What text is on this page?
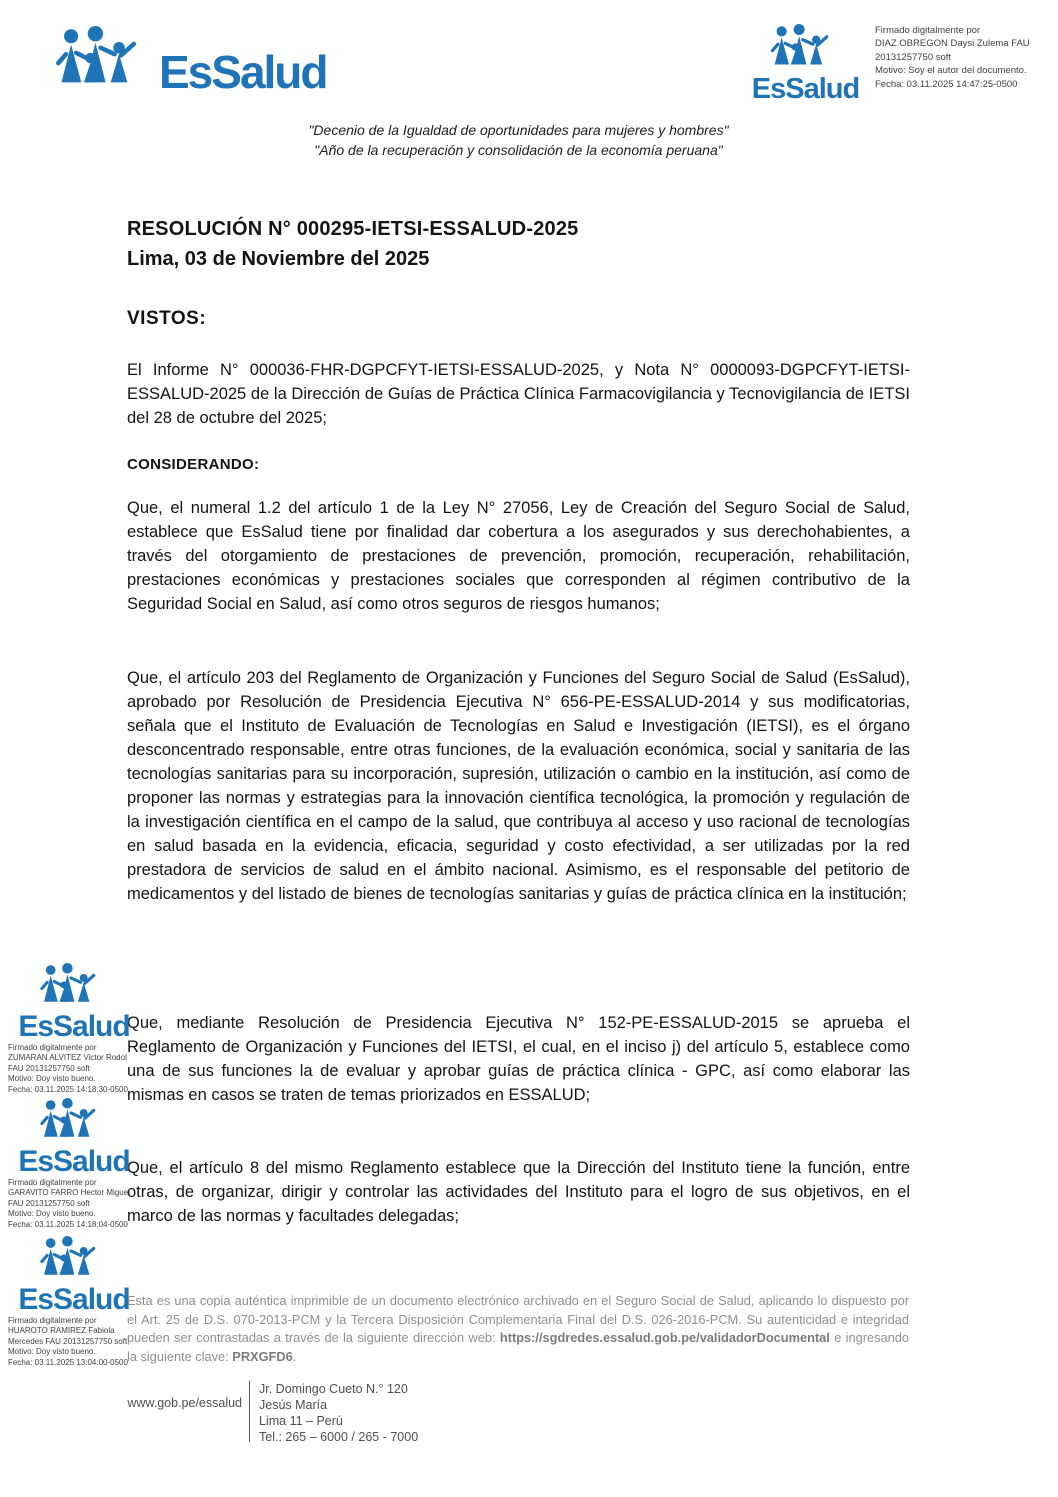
EsSalud	EsSalud
Firmado digitalmente por
DIAZ OBREGON Daysi Zulema FAU
20131257750 soft
Motivo: Soy el autor del documento.
Fecha: 03.11.2025 14:47:25-0500
"Decenio de la Igualdad de oportunidades para mujeres y hombres"
"Año de la recuperación y consolidación de la economía peruana"
RESOLUCIÓN N° 000295-IETSI-ESSALUD-2025
Lima, 03 de Noviembre del 2025
VISTOS:

El Informe N° 000036-FHR-DGPCFYT-IETSI-ESSALUD-2025, y Nota N° 0000093-DGPCFYT-IETSI-ESSALUD-2025 de la Dirección de Guías de Práctica Clínica Farmacovigilancia y Tecnovigilancia de IETSI del 28 de octubre del 2025;

CONSIDERANDO:

Que, el numeral 1.2 del artículo 1 de la Ley N° 27056, Ley de Creación del Seguro Social de Salud, establece que EsSalud tiene por finalidad dar cobertura a los asegurados y sus derechohabientes, a través del otorgamiento de prestaciones de prevención, promoción, recuperación, rehabilitación, prestaciones económicas y prestaciones sociales que corresponden al régimen contributivo de la Seguridad Social en Salud, así como otros seguros de riesgos humanos;

Que, el artículo 203 del Reglamento de Organización y Funciones del Seguro Social de Salud (EsSalud), aprobado por Resolución de Presidencia Ejecutiva N° 656-PE-ESSALUD-2014 y sus modificatorias, señala que el Instituto de Evaluación de Tecnologías en Salud e Investigación (IETSI), es el órgano desconcentrado responsable, entre otras funciones, de la evaluación económica, social y sanitaria de las tecnologías sanitarias para su incorporación, supresión, utilización o cambio en la institución, así como de proponer las normas y estrategias para la innovación científica tecnológica, la promoción y regulación de la investigación científica en el campo de la salud, que contribuya al acceso y uso racional de tecnologías en salud basada en la evidencia, eficacia, seguridad y costo efectividad, a ser utilizadas por la red prestadora de servicios de salud en el ámbito nacional. Asimismo, es el responsable del petitorio de medicamentos y del listado de bienes de tecnologías sanitarias y guías de práctica clínica en la institución;

Que, mediante Resolución de Presidencia Ejecutiva N° 152-PE-ESSALUD-2015 se aprueba el Reglamento de Organización y Funciones del IETSI, el cual, en el inciso j) del artículo 5, establece como una de sus funciones la de evaluar y aprobar guías de práctica clínica - GPC, así como elaborar las mismas en casos se traten de temas priorizados en ESSALUD;

Que, el artículo 8 del mismo Reglamento establece que la Dirección del Instituto tiene la función, entre otras, de organizar, dirigir y controlar las actividades del Instituto para el logro de sus objetivos, en el marco de las normas y facultades delegadas;

EsSalud
Firmado digitalmente por
ZUMARAN ALVITEZ Victor Rodol
FAU 20131257750 soft
Motivo: Doy visto bueno.
Fecha: 03.11.2025 14:18:30-0500
EsSalud
Firmado digitalmente por
GARAVITO FARRO Hector Miguel
FAU 20131257750 soft
Motivo: Doy visto bueno.
Fecha: 03.11.2025 14:18:04-0500
EsSalud
Firmado digitalmente por
HUAROTO RAMIREZ Fabiola
Mercedes FAU 20131257750 soft
Motivo: Doy visto bueno.
Fecha: 03.11.2025 13:04:00-0500
Esta es una copia auténtica imprimible de un documento electrónico archivado en el Seguro Social de Salud, aplicando lo dispuesto por el Art. 25 de D.S. 070-2013-PCM y la Tercera Disposición Complementaria Final del D.S. 026-2016-PCM. Su autenticidad e integridad pueden ser contrastadas a través de la siguiente dirección web: https://sgdredes.essalud.gob.pe/validadorDocumental e ingresando la siguiente clave: PRXGFD6.
www.gob.pe/essalud
Jr. Domingo Cueto N.° 120
Jesús María
Lima 11 – Perú
Tel.: 265 – 6000 / 265 - 7000
